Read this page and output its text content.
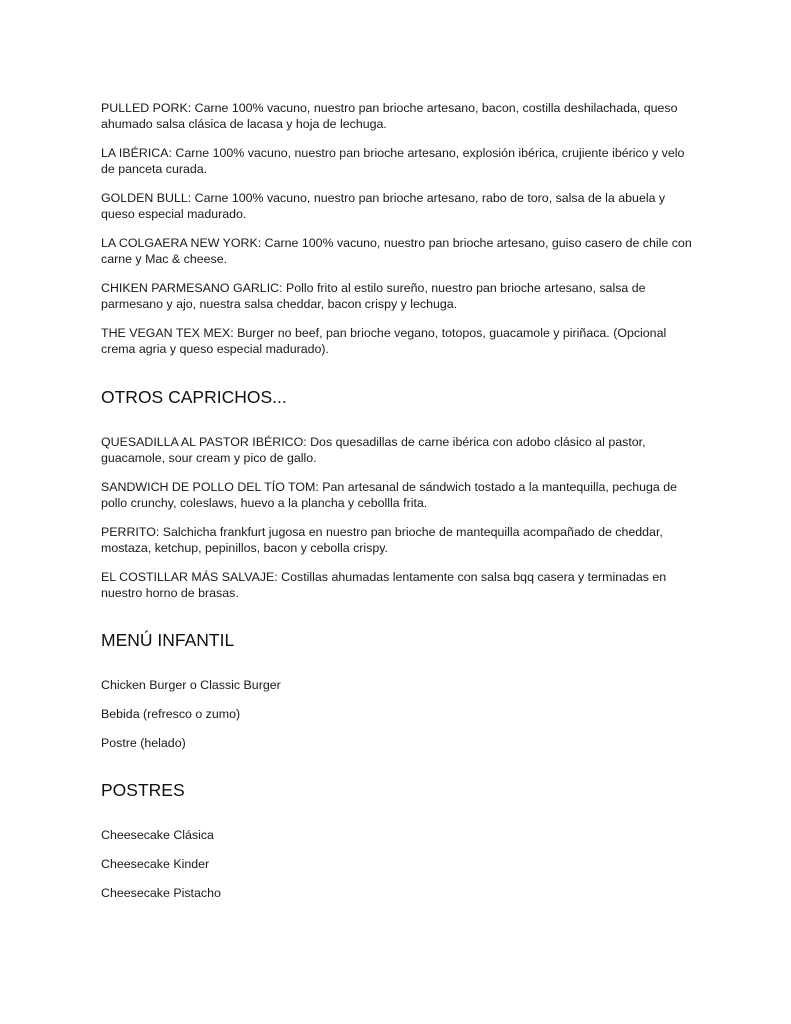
PULLED PORK: Carne 100% vacuno, nuestro pan brioche artesano, bacon, costilla deshilachada, queso ahumado salsa clásica de lacasa y hoja de lechuga.

LA IBÉRICA: Carne 100% vacuno, nuestro pan brioche artesano, explosión ibérica, crujiente ibérico y velo de panceta curada.

GOLDEN BULL: Carne 100% vacuno, nuestro pan brioche artesano, rabo de toro, salsa de la abuela y queso especial madurado.

LA COLGAERA NEW YORK: Carne 100% vacuno, nuestro pan brioche artesano, guiso casero de chile con carne y Mac & cheese.

CHIKEN PARMESANO GARLIC: Pollo frito al estilo sureño, nuestro pan brioche artesano, salsa de parmesano y ajo, nuestra salsa cheddar, bacon crispy y lechuga.

THE VEGAN TEX MEX: Burger no beef, pan brioche vegano, totopos, guacamole y piriñaca. (Opcional crema agria y queso especial madurado).

OTROS CAPRICHOS...

QUESADILLA AL PASTOR IBÉRICO: Dos quesadillas de carne ibérica con adobo clásico al pastor, guacamole, sour cream y pico de gallo.

SANDWICH DE POLLO DEL TÍO TOM: Pan artesanal de sándwich tostado a la mantequilla, pechuga de pollo crunchy, coleslaws, huevo a la plancha y cebollla frita.

PERRITO: Salchicha frankfurt jugosa en nuestro pan brioche de mantequilla acompañado de cheddar, mostaza, ketchup, pepinillos, bacon y cebolla crispy.

EL COSTILLAR MÁS SALVAJE: Costillas ahumadas lentamente con salsa bqq casera y terminadas en nuestro horno de brasas.

MENÚ INFANTIL

Chicken Burger o Classic Burger

Bebida (refresco o zumo)

Postre (helado)

POSTRES

Cheesecake Clásica

Cheesecake Kinder

Cheesecake Pistacho
